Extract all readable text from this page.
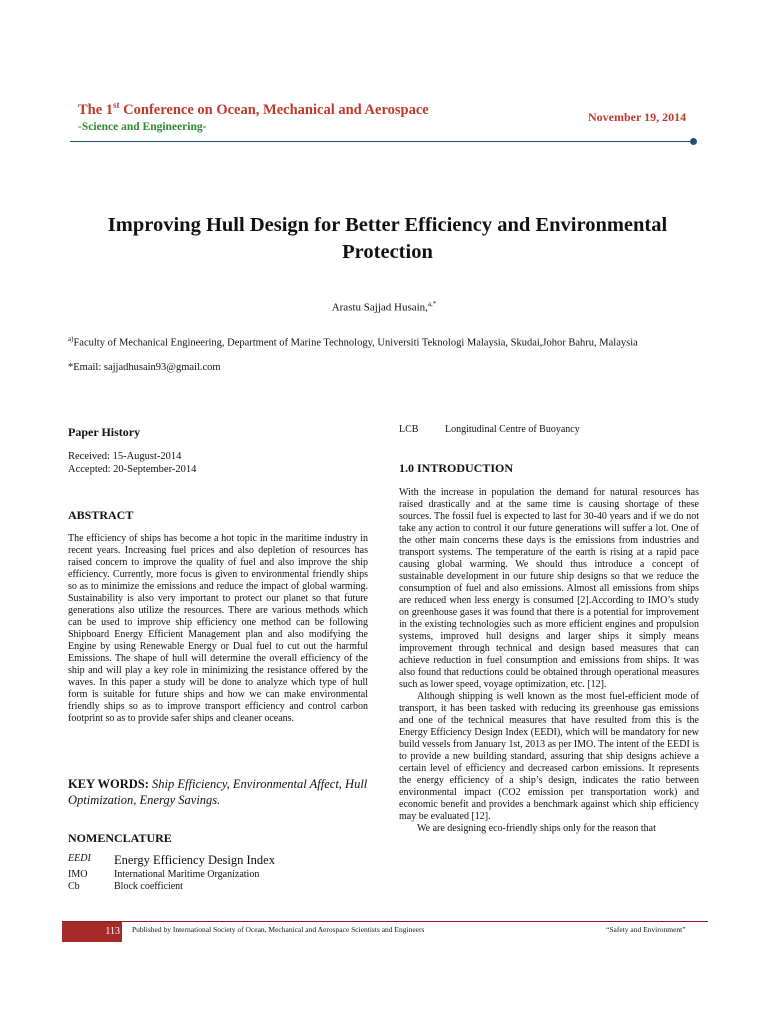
The 1st Conference on Ocean, Mechanical and Aerospace
-Science and Engineering-
November 19, 2014
Improving Hull Design for Better Efficiency and Environmental Protection
Arastu Sajjad Husain,$^{a,*}$
$^{a)}$Faculty of Mechanical Engineering, Department of Marine Technology, Universiti Teknologi Malaysia, Skudai,Johor Bahru, Malaysia
*Email: sajjadhusain93@gmail.com
Paper History
Received: 15-August-2014
Accepted: 20-September-2014
ABSTRACT
The efficiency of ships has become a hot topic in the maritime industry in recent years. Increasing fuel prices and also depletion of resources has raised concern to improve the quality of fuel and also improve the ship efficiency. Currently, more focus is given to environmental friendly ships so as to minimize the emissions and reduce the impact of global warming. Sustainability is also very important to protect our planet so that future generations also utilize the resources. There are various methods which can be used to improve ship efficiency one method can be following Shipboard Energy Efficient Management plan and also modifying the Engine by using Renewable Energy or Dual fuel to cut out the harmful Emissions. The shape of hull will determine the overall efficiency of the ship and will play a key role in minimizing the resistance offered by the waves. In this paper a study will be done to analyze which type of hull form is suitable for future ships and how we can make environmental friendly ships so as to improve transport efficiency and control carbon footprint so as to provide safer ships and cleaner oceans.
KEY WORDS: Ship Efficiency, Environmental Affect, Hull Optimization, Energy Savings.
NOMENCLATURE
EEDI	Energy Efficiency Design Index
IMO	International Maritime Organization
Cb	Block coefficient
LCB	Longitudinal Centre of Buoyancy
1.0 INTRODUCTION
With the increase in population the demand for natural resources has raised drastically and at the same time is causing shortage of these sources. The fossil fuel is expected to last for 30-40 years and if we do not take any action to control it our future generations will suffer a lot. One of the other main concerns these days is the emissions from industries and transport systems. The temperature of the earth is rising at a rapid pace causing global warming. We should thus introduce a concept of sustainable development in our future ship designs so that we reduce the consumption of fuel and also emissions. Almost all emissions from ships are reduced when less energy is consumed [2].According to IMO’s study on greenhouse gases it was found that there is a potential for improvement in the existing technologies such as more efficient engines and propulsion systems, improved hull designs and larger ships it simply means improvement through technical and design based measures that can achieve reduction in fuel consumption and emissions from ships. It was also found that reductions could be obtained through operational measures such as lower speed, voyage optimization, etc. [12].
Although shipping is well known as the most fuel-efficient mode of transport, it has been tasked with reducing its greenhouse gas emissions and one of the technical measures that have resulted from this is the Energy Efficiency Design Index (EEDI), which will be mandatory for new build vessels from January 1st, 2013 as per IMO. The intent of the EEDI is to provide a new building standard, assuring that ship designs achieve a certain level of efficiency and decreased carbon emissions. It represents the energy efficiency of a ship’s design, indicates the ratio between environmental impact (CO2 emission per transportation work) and economic benefit and provides a benchmark against which ship efficiency may be evaluated [12].
We are designing eco-friendly ships only for the reason that
113 Published by International Society of Ocean, Mechanical and Aerospace Scientists and Engineers	“Safety and Environment”
